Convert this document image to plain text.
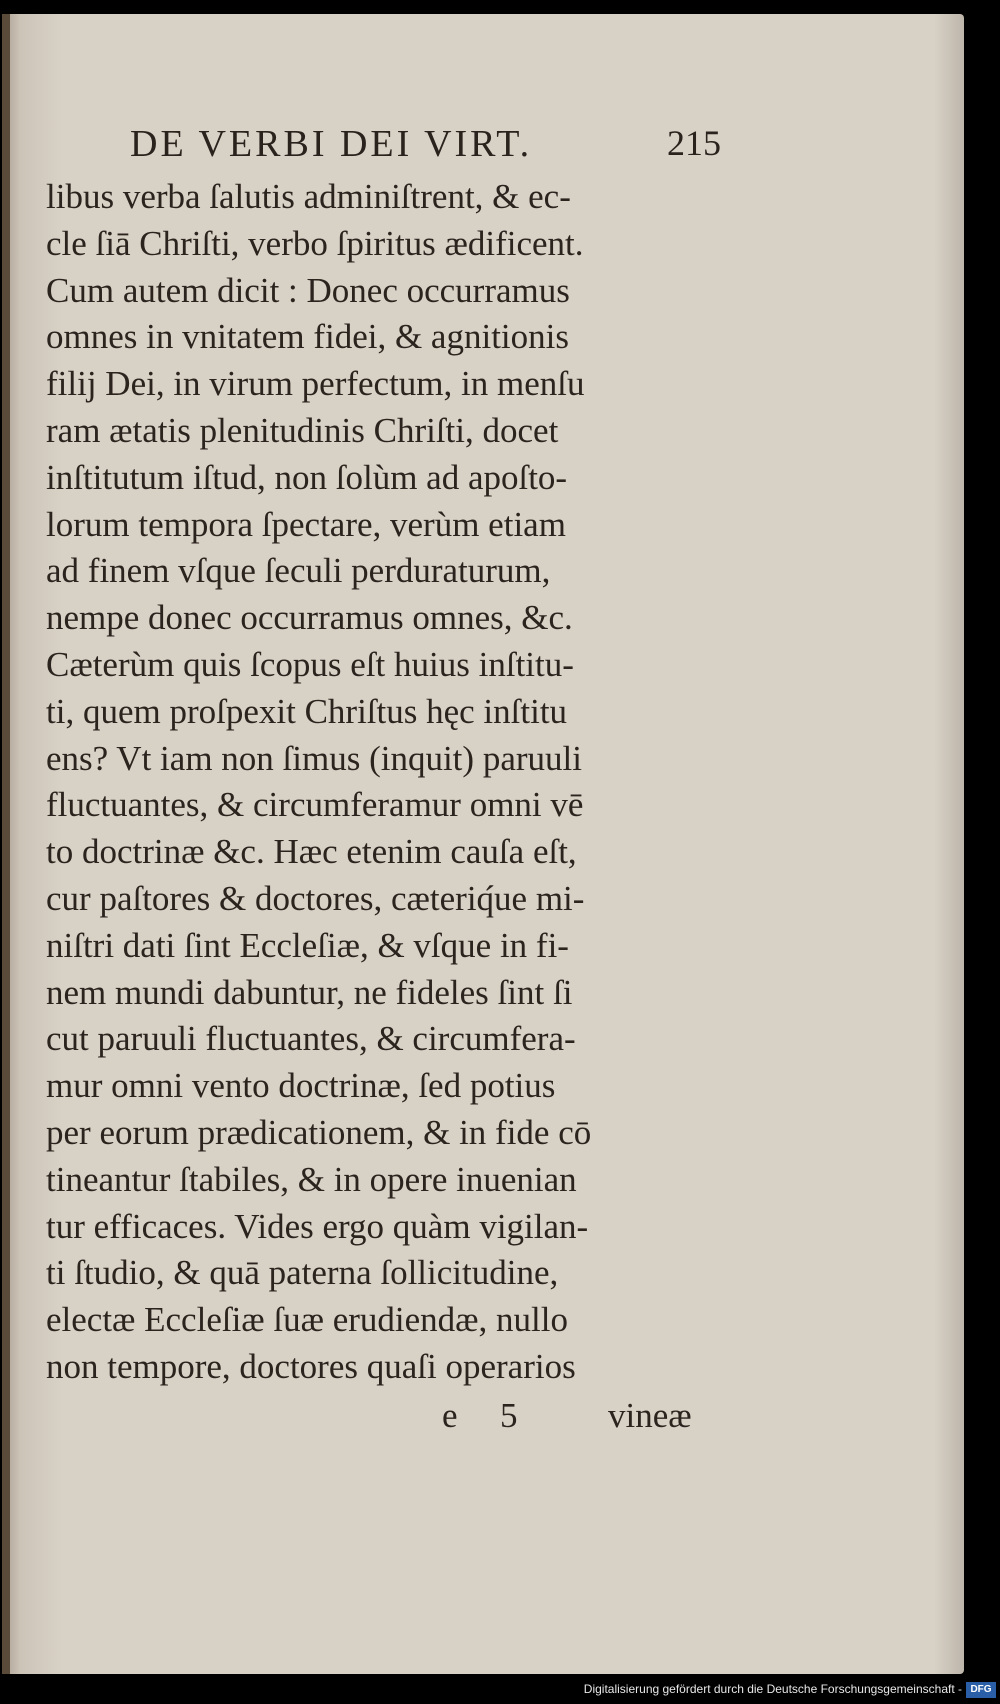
DE VERBI DEI VIRT.	215
libus verba ſalutis adminiſtrent, & ec-
cle ſiā Chriſti, verbo ſpiritus ædificent.
Cum autem dicit : Donec occurramus
omnes in vnitatem fidei, & agnitionis
filij Dei, in virum perfectum, in menſu
ram ætatis plenitudinis Chriſti, docet
inſtitutum iſtud, non ſolùm ad apoſto-
lorum tempora ſpectare, verùm etiam
ad finem vſque ſeculi perduraturum,
nempe donec occurramus omnes, &c.
Cæterùm quis ſcopus eſt huius inſtitu-
ti, quem proſpexit Chriſtus hęc inſtitu
ens? Vt iam non ſimus (inquit) paruuli
fluctuantes, & circumferamur omni vē
to doctrinæ &c. Hæc etenim cauſa eſt,
cur paſtores & doctores, cæteriq́ue mi-
niſtri dati ſint Eccleſiæ, & vſque in fi-
nem mundi dabuntur, ne fideles ſint ſi
cut paruuli fluctuantes, & circumfera-
mur omni vento doctrinæ, ſed potius
per eorum prædicationem, & in fide cō
tineantur ſtabiles, & in opere inuenian
tur efficaces. Vides ergo quàm vigilan-
ti ſtudio, & quā paterna ſollicitudine,
electæ Eccleſiæ ſuæ erudiendæ, nullo
non tempore, doctores quaſi operarios
e 5	vineæ
Digitalisierung gefördert durch die Deutsche Forschungsgemeinschaft - DFG
